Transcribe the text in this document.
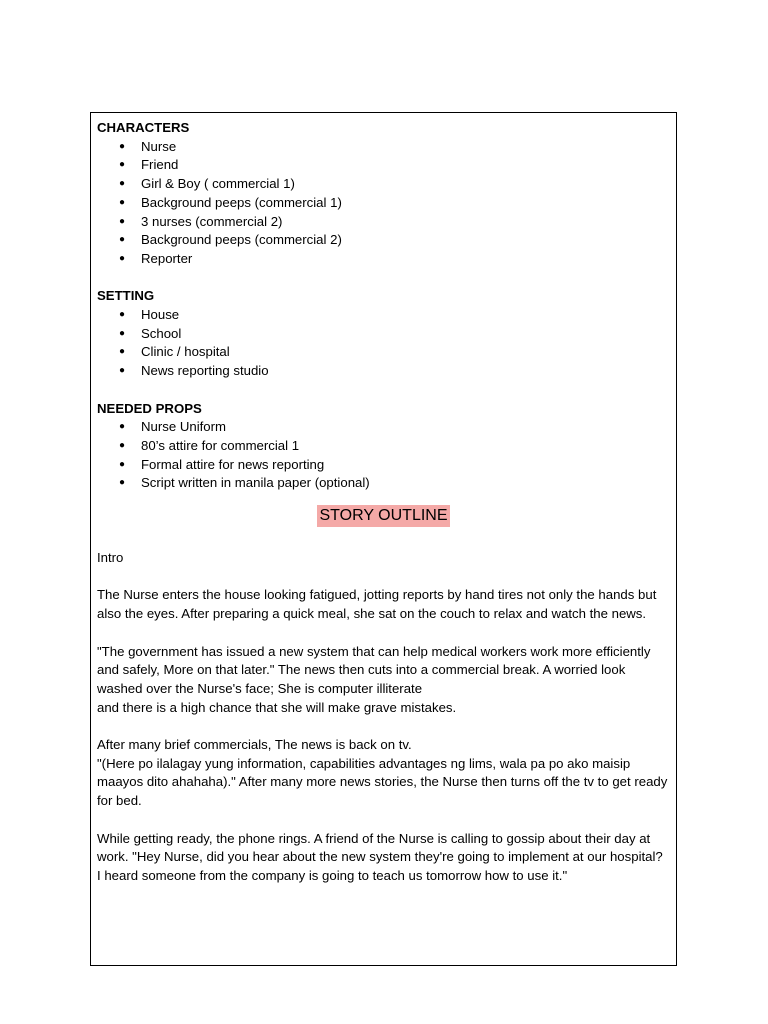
CHARACTERS
● Nurse
● Friend
● Girl & Boy ( commercial 1)
● Background peeps (commercial 1)
● 3 nurses (commercial 2)
● Background peeps (commercial 2)
● Reporter
SETTING
● House
● School
● Clinic / hospital
● News reporting studio
NEEDED PROPS
● Nurse Uniform
● 80’s attire for commercial 1
● Formal attire for news reporting
● Script written in manila paper (optional)
STORY OUTLINE

Intro

The Nurse enters the house looking fatigued, jotting reports by hand tires not only the hands but also the eyes. After preparing a quick meal, she sat on the couch to relax and watch the news.

"The government has issued a new system that can help medical workers work more efficiently and safely, More on that later." The news then cuts into a commercial break. A worried look washed over the Nurse's face; She is computer illiterate
and there is a high chance that she will make grave mistakes.

After many brief commercials, The news is back on tv.
"(Here po ilalagay yung information, capabilities advantages ng lims, wala pa po ako maisip maayos dito ahahaha)." After many more news stories, the Nurse then turns off the tv to get ready for bed.

While getting ready, the phone rings. A friend of the Nurse is calling to gossip about their day at work. "Hey Nurse, did you hear about the new system they're going to implement at our hospital? I heard someone from the company is going to teach us tomorrow how to use it."
